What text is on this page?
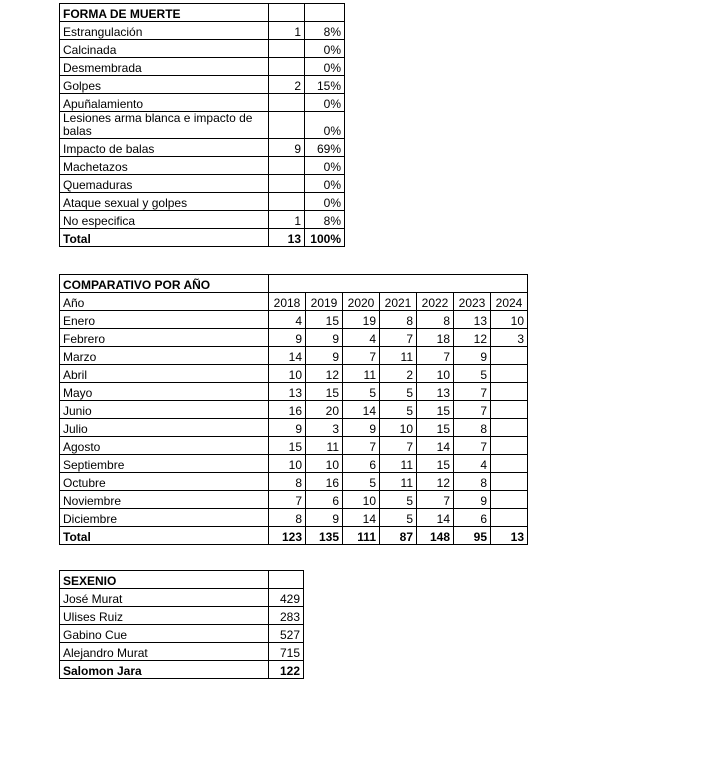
FORMA DE MUERTE		
Estrangulación	1	8%
Calcinada		0%
Desmembrada		0%
Golpes	2	15%
Apuñalamiento		0%
Lesiones arma blanca e impacto de balas		0%
Impacto de balas	9	69%
Machetazos		0%
Quemaduras		0%
Ataque sexual y golpes		0%
No especifica	1	8%
Total	13	100%
COMPARATIVO POR AÑO							
Año	2018	2019	2020	2021	2022	2023	2024
Enero	4	15	19	8	8	13	10
Febrero	9	9	4	7	18	12	3
Marzo	14	9	7	11	7	9	
Abril	10	12	11	2	10	5	
Mayo	13	15	5	5	13	7	
Junio	16	20	14	5	15	7	
Julio	9	3	9	10	15	8	
Agosto	15	11	7	7	14	7	
Septiembre	10	10	6	11	15	4	
Octubre	8	16	5	11	12	8	
Noviembre	7	6	10	5	7	9	
Diciembre	8	9	14	5	14	6	
Total	123	135	111	87	148	95	13
SEXENIO	
José Murat	429
Ulises Ruiz	283
Gabino Cue	527
Alejandro Murat	715
Salomon Jara	122
